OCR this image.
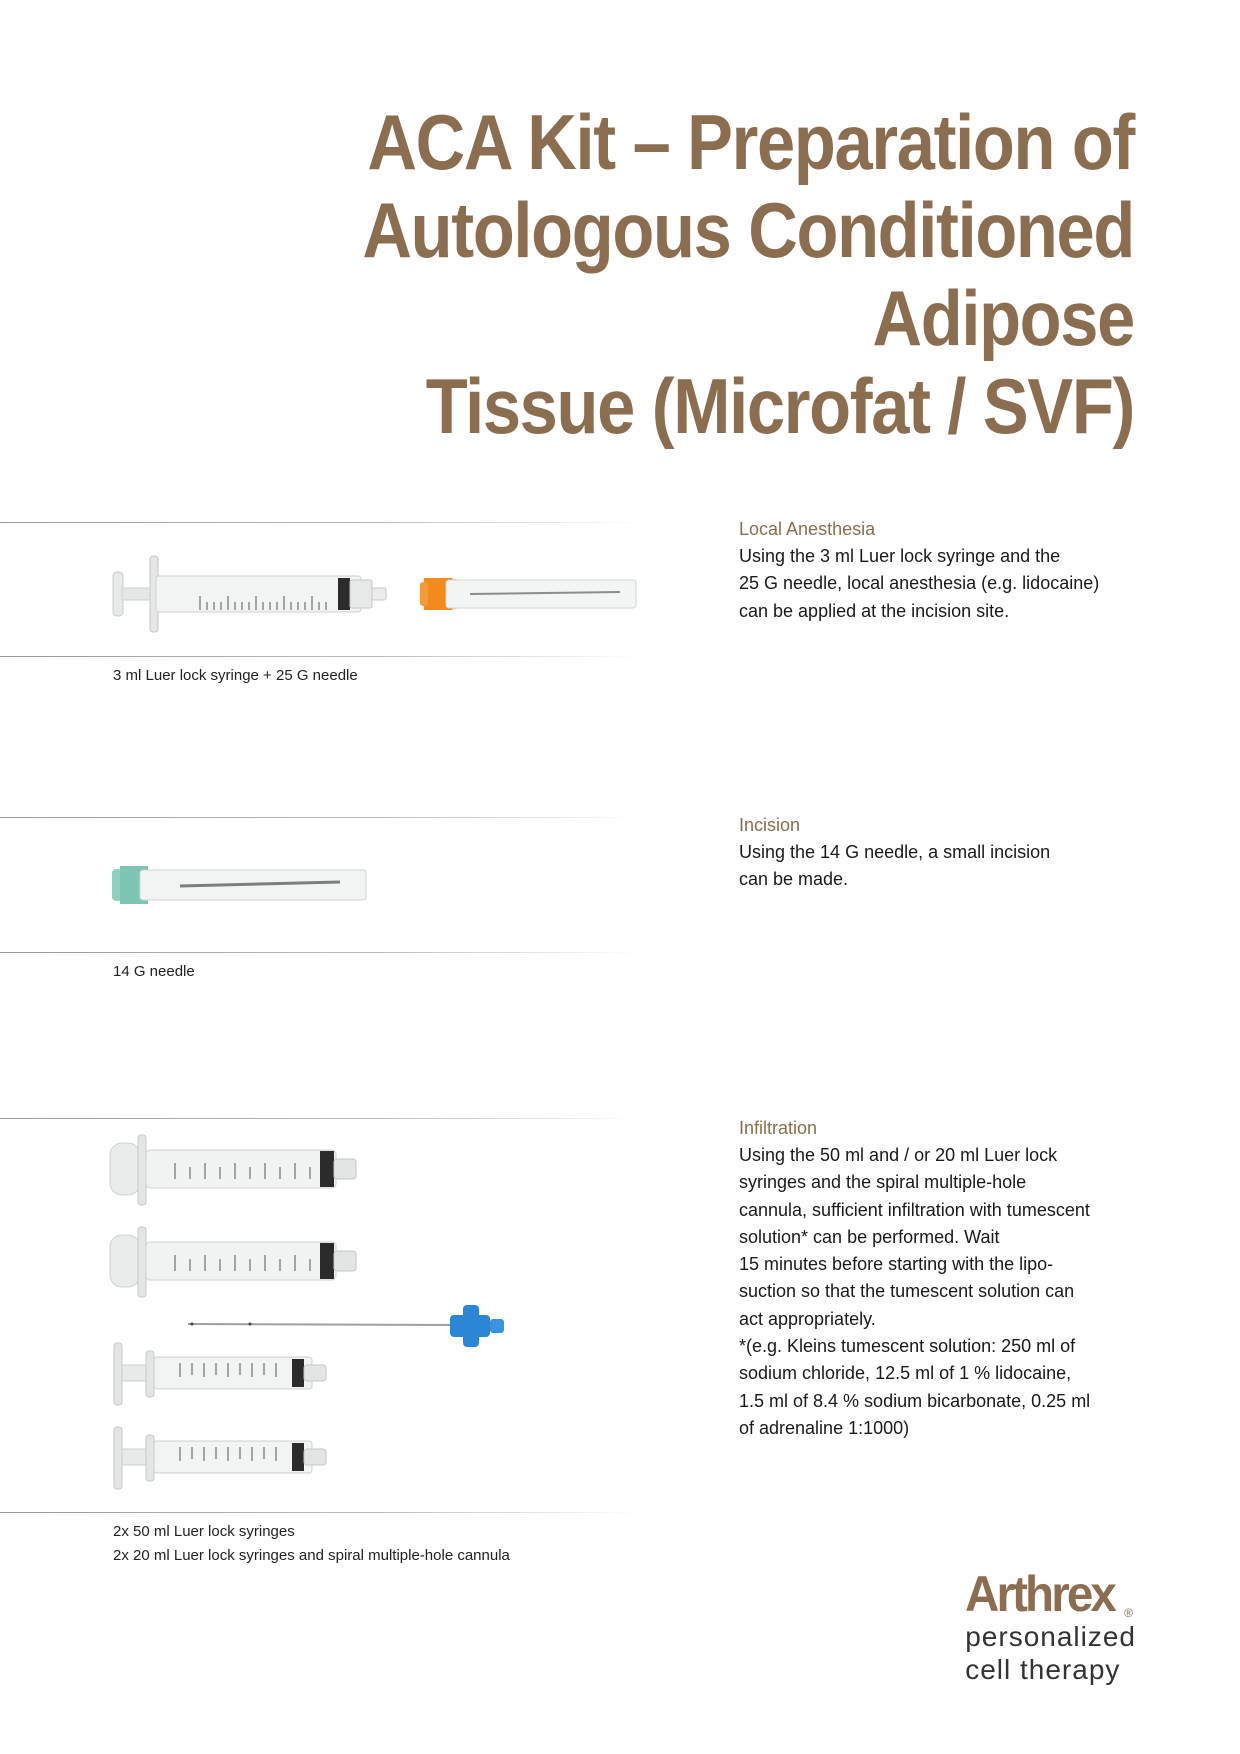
ACA Kit – Preparation of
Autologous Conditioned Adipose
Tissue (Microfat / SVF)
3 ml Luer lock syringe + 25 G needle
Local Anesthesia
Using the 3 ml Luer lock syringe and the
25 G needle, local anesthesia (e.g. lidocaine)
can be applied at the incision site.
14 G needle
Incision
Using the 14 G needle, a small incision
can be made.
2x 50 ml Luer lock syringes
2x 20 ml Luer lock syringes and spiral multiple-hole cannula
Infiltration
Using the 50 ml and / or 20 ml Luer lock
syringes and the spiral multiple-hole
cannula, sufficient infiltration with tumescent
solution* can be performed. Wait
15 minutes before starting with the lipo-
suction so that the tumescent solution can
act appropriately.
*(e.g. Kleins tumescent solution: 250 ml of
sodium chloride, 12.5 ml of 1 % lidocaine,
1.5 ml of 8.4 % sodium bicarbonate, 0.25 ml
of adrenaline 1:1000)
Arthrex ®
personalized
cell therapy
